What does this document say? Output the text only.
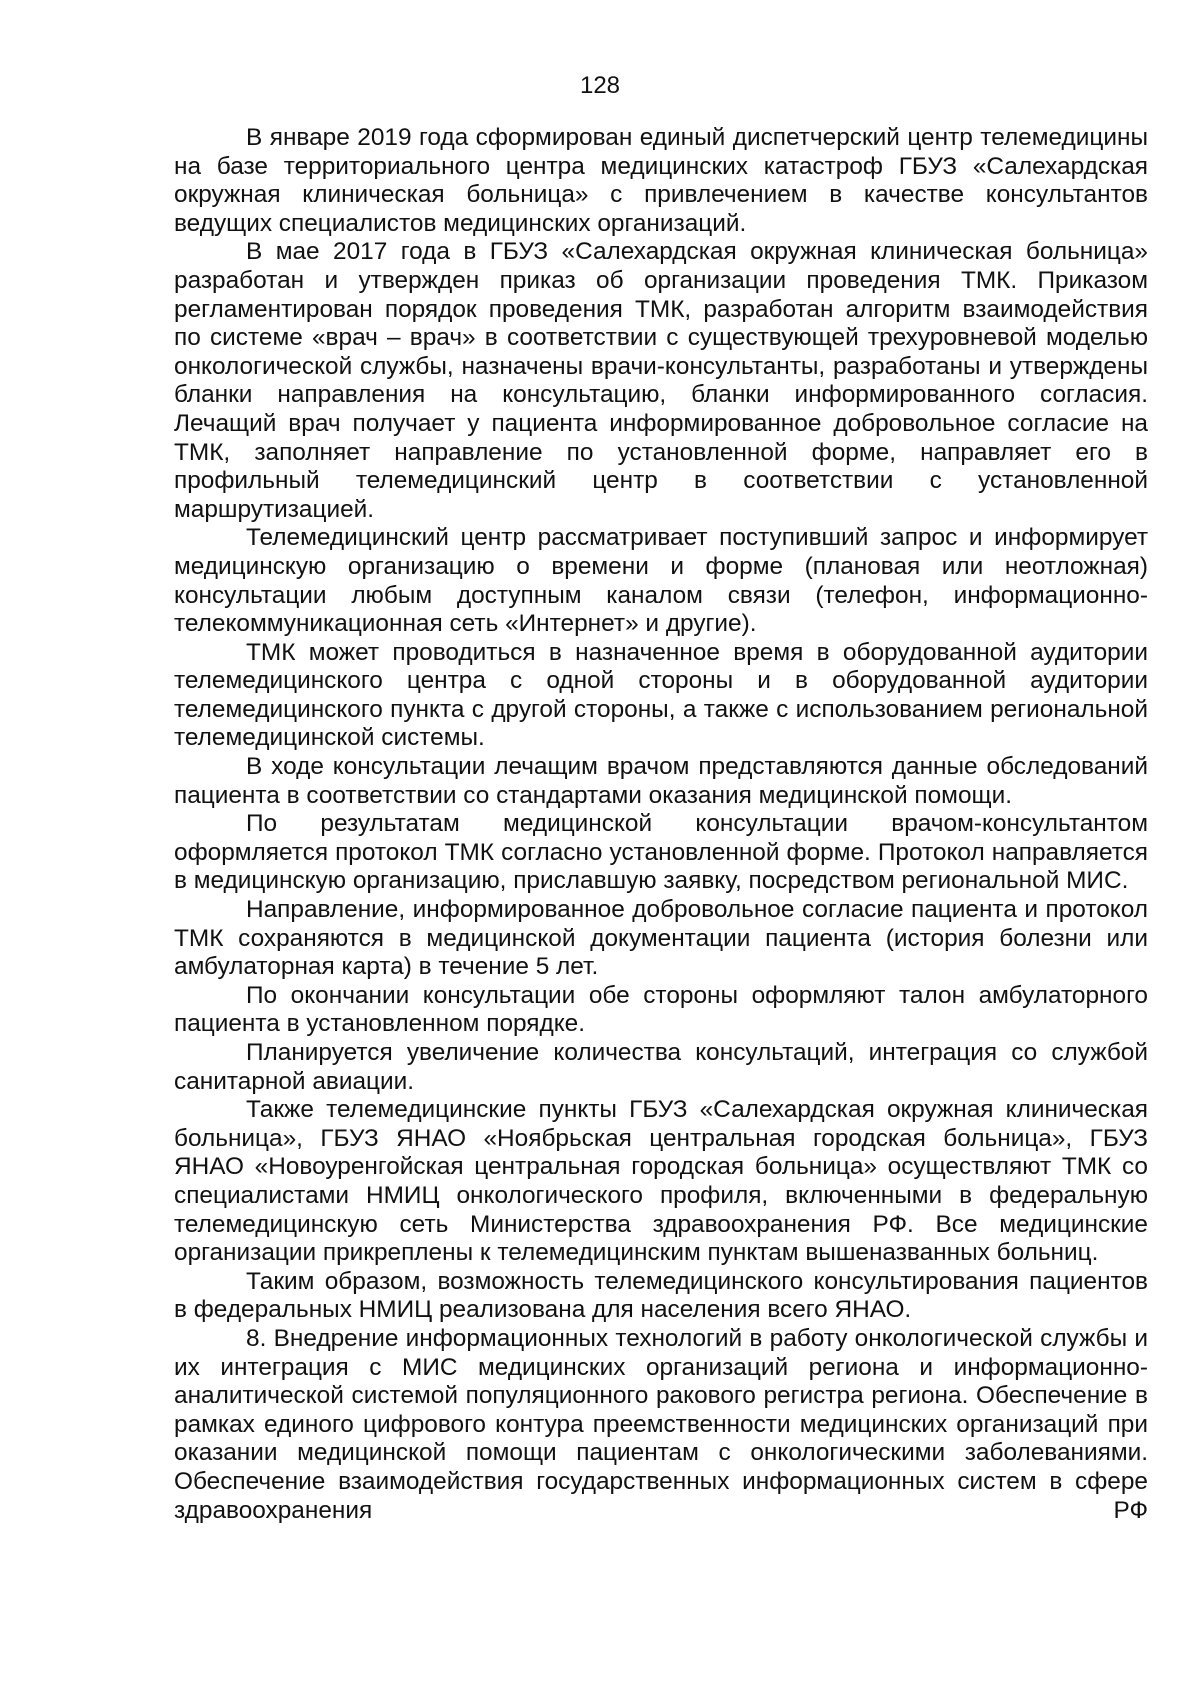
128

В январе 2019 года сформирован единый диспетчерский центр телемедицины на базе территориального центра медицинских катастроф ГБУЗ «Салехардская окружная клиническая больница» с привлечением в качестве консультантов ведущих специалистов медицинских организаций.

В мае 2017 года в ГБУЗ «Салехардская окружная клиническая больница» разработан и утвержден приказ об организации проведения ТМК. Приказом регламентирован порядок проведения ТМК, разработан алгоритм взаимодействия по системе «врач – врач» в соответствии с существующей трехуровневой моделью онкологической службы, назначены врачи-консультанты, разработаны и утверждены бланки направления на консультацию, бланки информированного согласия. Лечащий врач получает у пациента информированное добровольное согласие на ТМК, заполняет направление по установленной форме, направляет его в профильный телемедицинский центр в соответствии с установленной маршрутизацией.

Телемедицинский центр рассматривает поступивший запрос и информирует медицинскую организацию о времени и форме (плановая или неотложная) консультации любым доступным каналом связи (телефон, информационно-телекоммуникационная сеть «Интернет» и другие).

ТМК может проводиться в назначенное время в оборудованной аудитории телемедицинского центра с одной стороны и в оборудованной аудитории телемедицинского пункта с другой стороны, а также с использованием региональной телемедицинской системы.

В ходе консультации лечащим врачом представляются данные обследований пациента в соответствии со стандартами оказания медицинской помощи.

По результатам медицинской консультации врачом-консультантом оформляется протокол ТМК согласно установленной форме. Протокол направляется в медицинскую организацию, приславшую заявку, посредством региональной МИС.

Направление, информированное добровольное согласие пациента и протокол ТМК сохраняются в медицинской документации пациента (история болезни или амбулаторная карта) в течение 5 лет.

По окончании консультации обе стороны оформляют талон амбулаторного пациента в установленном порядке.

Планируется увеличение количества консультаций, интеграция со службой санитарной авиации.

Также телемедицинские пункты ГБУЗ «Салехардская окружная клиническая больница», ГБУЗ ЯНАО «Ноябрьская центральная городская больница», ГБУЗ ЯНАО «Новоуренгойская центральная городская больница» осуществляют ТМК со специалистами НМИЦ онкологического профиля, включенными в федеральную телемедицинскую сеть Министерства здравоохранения РФ. Все медицинские организации прикреплены к телемедицинским пунктам вышеназванных больниц.

Таким образом, возможность телемедицинского консультирования пациентов в федеральных НМИЦ реализована для населения всего ЯНАО.

8. Внедрение информационных технологий в работу онкологической службы и их интеграция с МИС медицинских организаций региона и информационно-аналитической системой популяционного ракового регистра региона. Обеспечение в рамках единого цифрового контура преемственности медицинских организаций при оказании медицинской помощи пациентам с онкологическими заболеваниями. Обеспечение взаимодействия государственных информационных систем в сфере здравоохранения РФ
